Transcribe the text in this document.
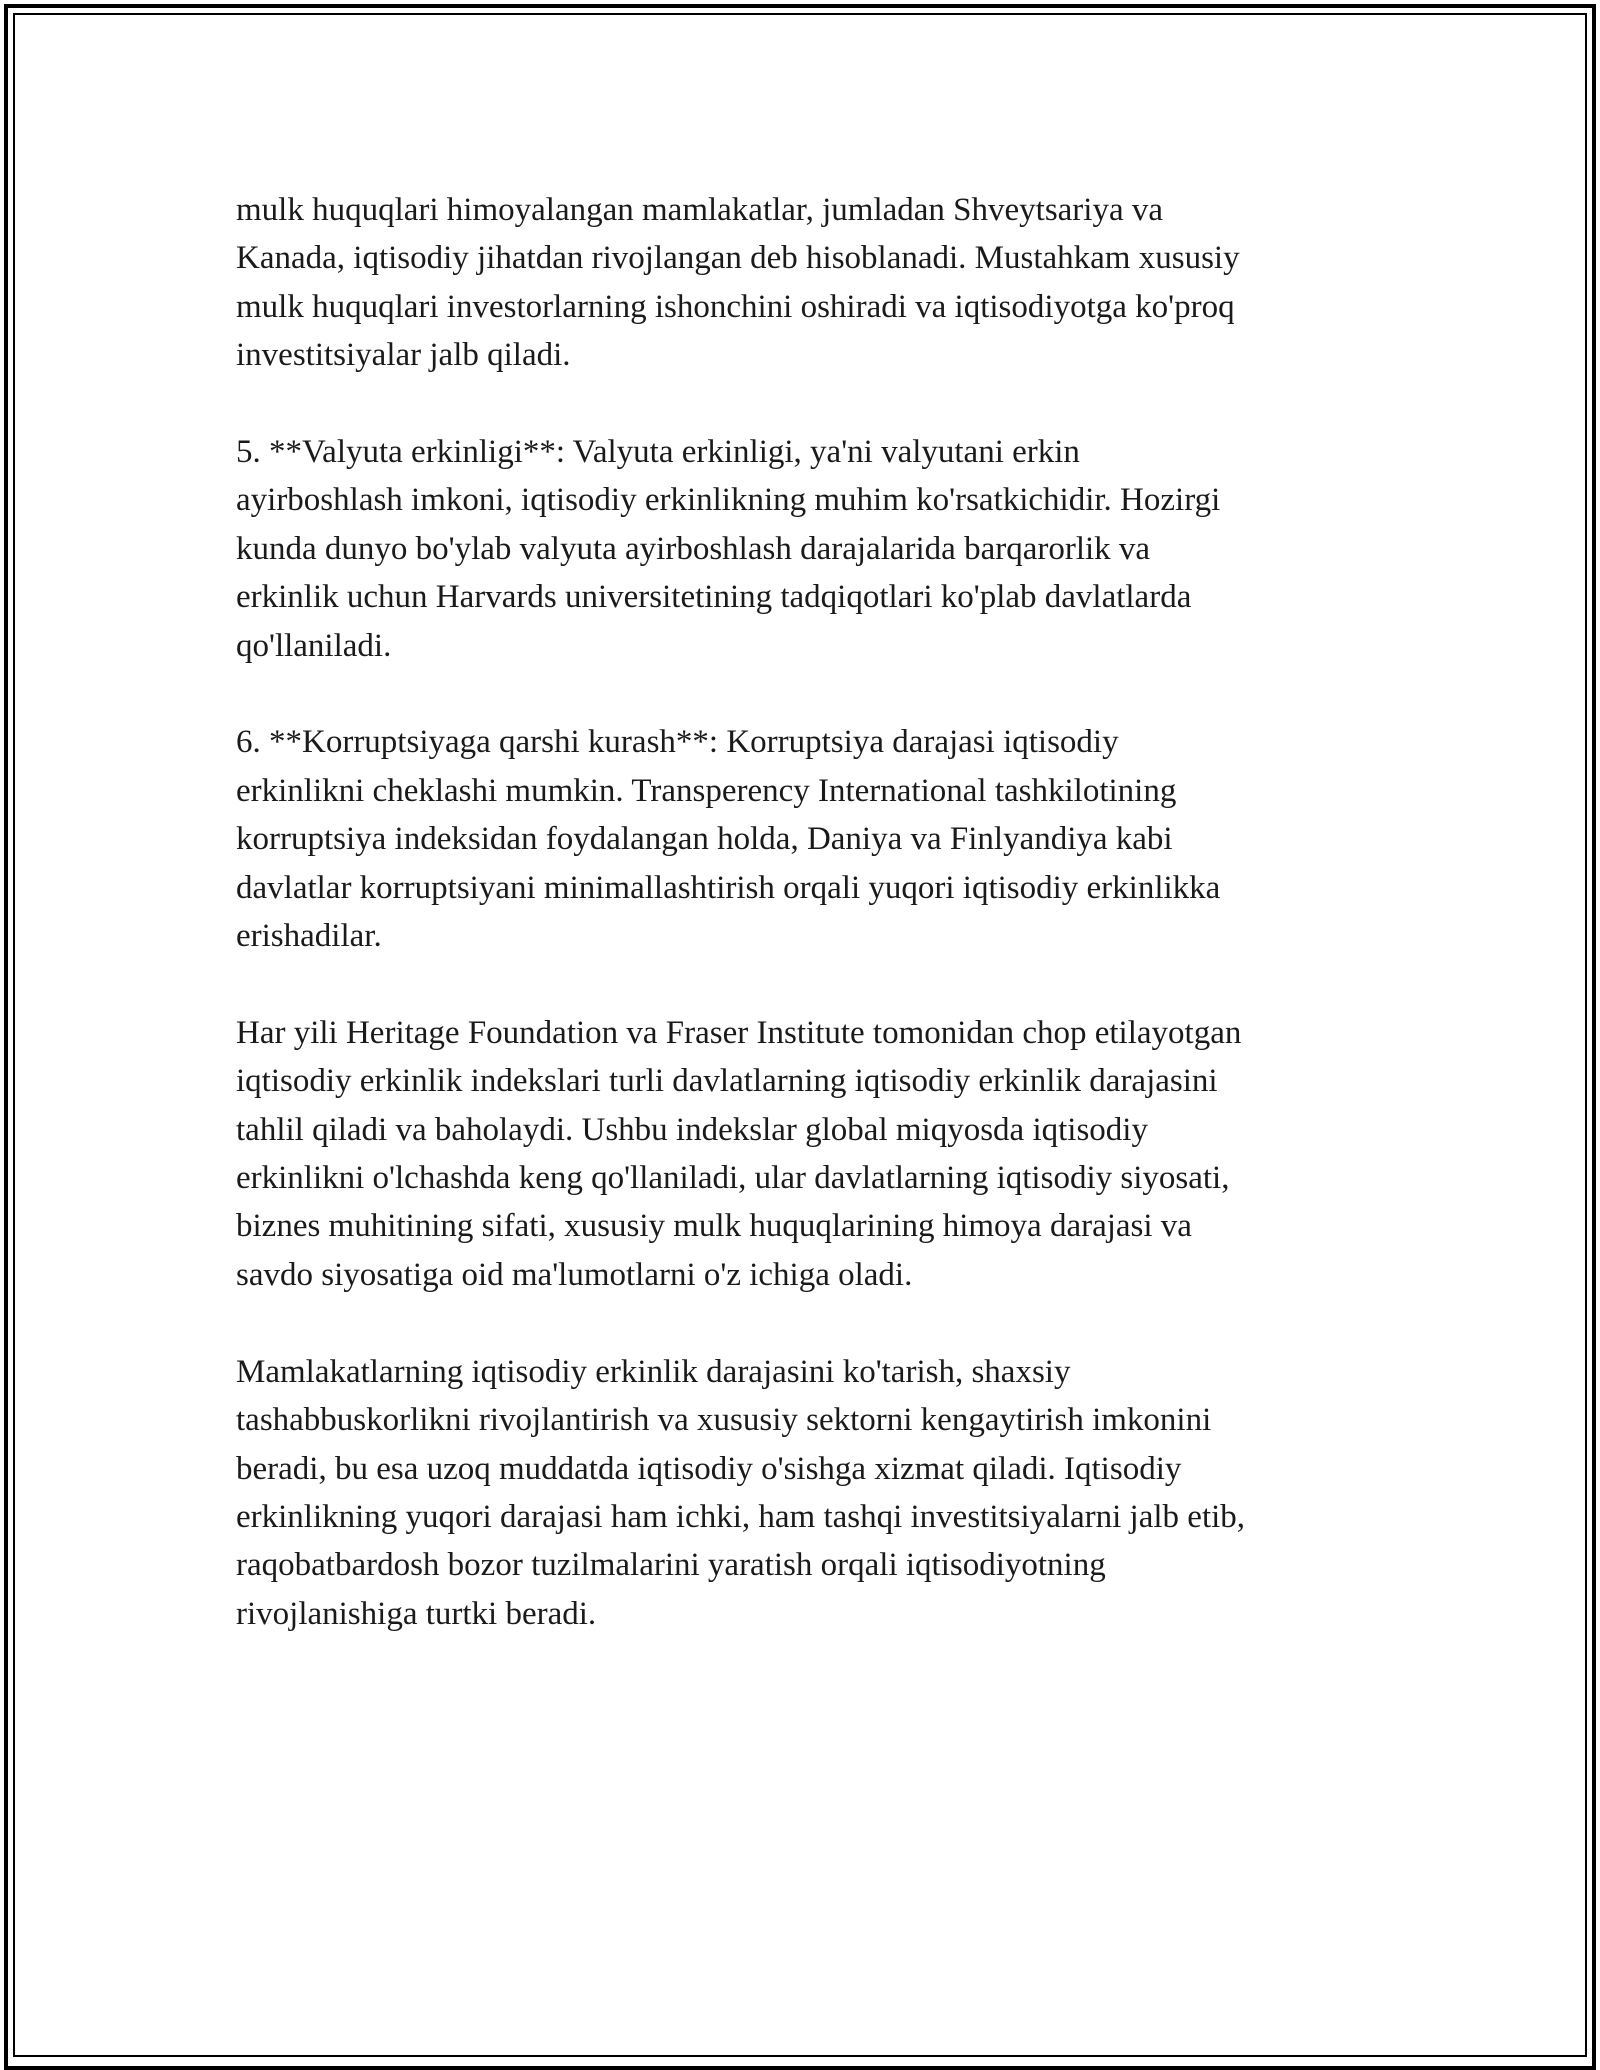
mulk huquqlari himoyalangan mamlakatlar, jumladan Shveytsariya va
Kanada, iqtisodiy jihatdan rivojlangan deb hisoblanadi. Mustahkam xususiy
mulk huquqlari investorlarning ishonchini oshiradi va iqtisodiyotga ko'proq
investitsiyalar jalb qiladi.

5. **Valyuta erkinligi**: Valyuta erkinligi, ya'ni valyutani erkin
ayirboshlash imkoni, iqtisodiy erkinlikning muhim ko'rsatkichidir. Hozirgi
kunda dunyo bo'ylab valyuta ayirboshlash darajalarida barqarorlik va
erkinlik uchun Harvards universitetining tadqiqotlari ko'plab davlatlarda
qo'llaniladi.

6. **Korruptsiyaga qarshi kurash**: Korruptsiya darajasi iqtisodiy
erkinlikni cheklashi mumkin. Transperency International tashkilotining
korruptsiya indeksidan foydalangan holda, Daniya va Finlyandiya kabi
davlatlar korruptsiyani minimallashtirish orqali yuqori iqtisodiy erkinlikka
erishadilar.

Har yili Heritage Foundation va Fraser Institute tomonidan chop etilayotgan
iqtisodiy erkinlik indekslari turli davlatlarning iqtisodiy erkinlik darajasini
tahlil qiladi va baholaydi. Ushbu indekslar global miqyosda iqtisodiy
erkinlikni o'lchashda keng qo'llaniladi, ular davlatlarning iqtisodiy siyosati,
biznes muhitining sifati, xususiy mulk huquqlarining himoya darajasi va
savdo siyosatiga oid ma'lumotlarni o'z ichiga oladi.

Mamlakatlarning iqtisodiy erkinlik darajasini ko'tarish, shaxsiy
tashabbuskorlikni rivojlantirish va xususiy sektorni kengaytirish imkonini
beradi, bu esa uzoq muddatda iqtisodiy o'sishga xizmat qiladi. Iqtisodiy
erkinlikning yuqori darajasi ham ichki, ham tashqi investitsiyalarni jalb etib,
raqobatbardosh bozor tuzilmalarini yaratish orqali iqtisodiyotning
rivojlanishiga turtki beradi.
